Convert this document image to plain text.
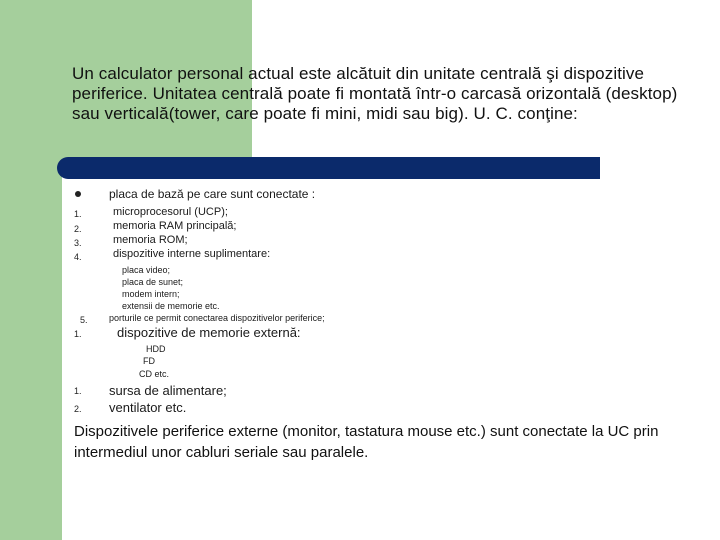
Un calculator personal actual este alcătuit din unitate centrală şi dispozitive periferice. Unitatea centrală poate fi montată într-o carcasă orizontală (desktop) sau verticală(tower, care poate fi mini, midi sau big). U. C. conţine:
placa de bază pe care sunt conectate :
1.
2.
3.
4.
microprocesorul (UCP);
memoria RAM principală;
memoria ROM;
dispozitive interne suplimentare:
placa video;
placa de sunet;
modem intern;
extensii de memorie etc.
5. porturile ce permit conectarea dispozitivelor periferice;
1.	dispozitive de memorie externă:
HDD
FD
CD etc.
1.
2.
sursa de alimentare;
ventilator etc.
Dispozitivele periferice externe (monitor, tastatura mouse etc.) sunt conectate la UC prin intermediul unor cabluri seriale sau paralele.
